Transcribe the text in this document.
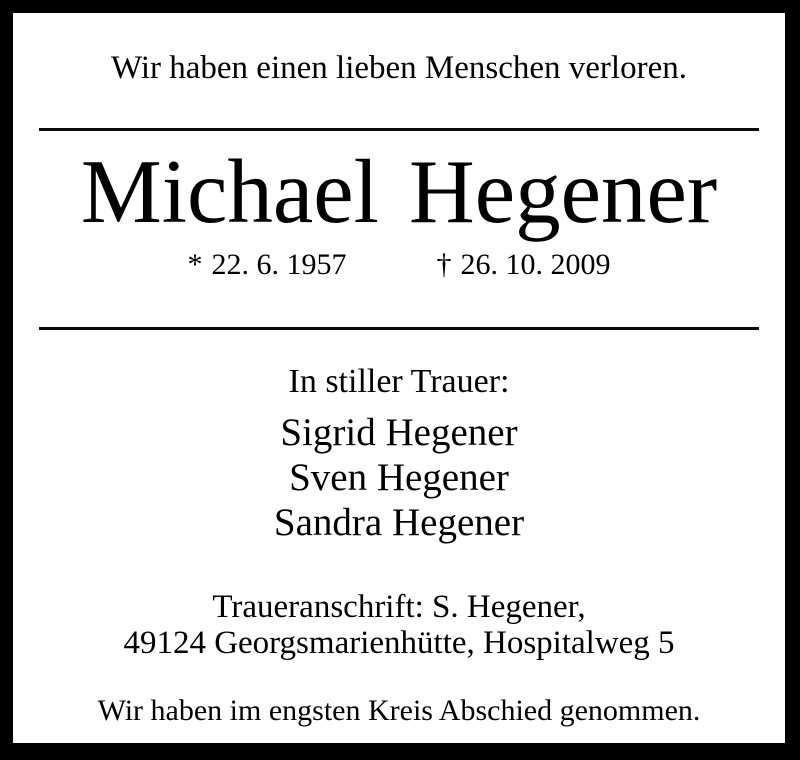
Wir haben einen lieben Menschen verloren.

Michael Hegener
* 22. 6. 1957	† 26. 10. 2009

In stiller Trauer:

Sigrid Hegener
Sven Hegener
Sandra Hegener
Traueranschrift: S. Hegener,
49124 Georgsmarienhütte, Hospitalweg 5

Wir haben im engsten Kreis Abschied genommen.
